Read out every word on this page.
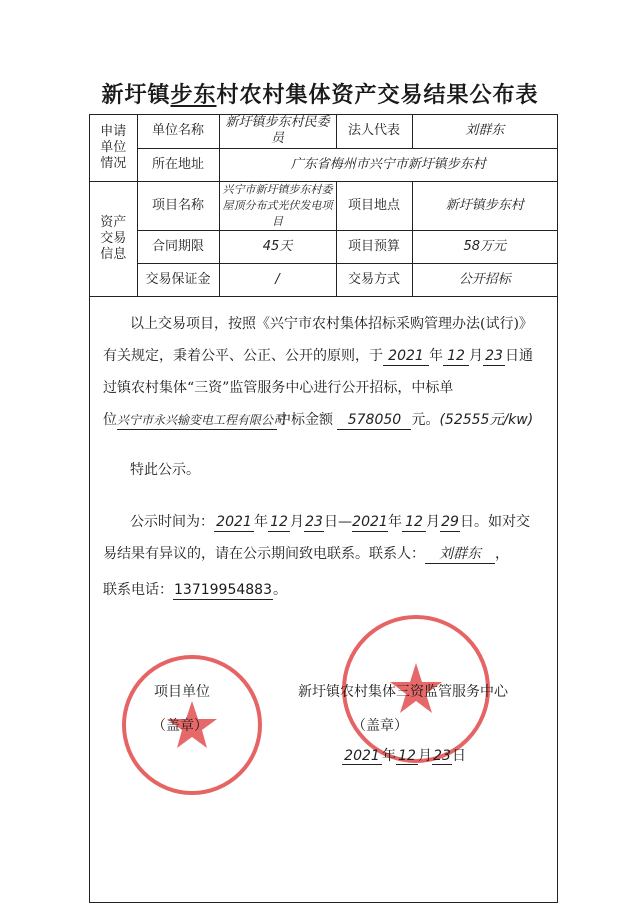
新圩镇步东村农村集体资产交易结果公布表
申请单位情况	单位名称	新圩镇步东村民委员	法人代表	刘群东
	所在地址	广东省梅州市兴宁市新圩镇步东村		

资产交易信息	项目名称	兴宁市新圩镇步东村委屋顶分布式光伏发电项目	项目地点	新圩镇步东村
	合同期限	45天	项目预算	58万元
	交易保证金	/	交易方式	公开招标
以上交易项目，按照《兴宁市农村集体招标采购管理办法(试行)》
有关规定，秉着公平、公正、公开的原则，于 2021 年 12 月 23 日通
过镇农村集体“三资”监管服务中心进行公开招标，中标单
位兴宁市永兴输变电工程有限公司中标金额 578050 元。(52555元/kw)
特此公示。
公示时间为： 2021 年 12 月23日—2021年 12 月29日。如对交
易结果有异议的，请在公示期间致电联系。联系人： 刘群东 ，
联系电话：13719954883。
项目单位
（盖章）
新圩镇农村集体三资监管服务中心
（盖章）
2021 年 12 月23日
